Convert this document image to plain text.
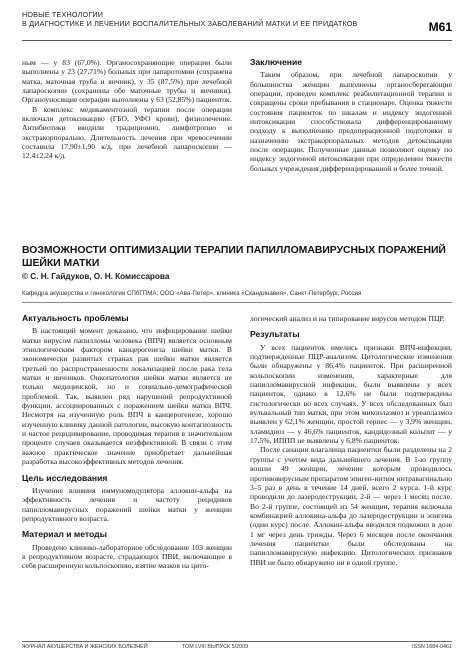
НОВЫЕ ТЕХНОЛОГИИ
В ДИАГНОСТИКЕ И ЛЕЧЕНИИ ВОСПАЛИТЕЛЬНЫХ ЗАБОЛЕВАНИЙ МАТКИ И ЕЕ ПРИДАТКОВ	М61

ным — у 83 (67,0%). Органосохраняющие операции были выполнены у 23 (27,71%) больных при лапаротомии (сохранена матка, маточная труба и яичник), у 35 (87,5%) при лечебной лапароскопии (сохранены обе маточные трубы и яичники). Органоуносящие операции выполнены у 63 (52,85%) пациенток.

В комплекс медикаментозной терапии после операции включали детоксикацию (ГБО, УФО крови), физиолечение. Антибиотики вводили традиционно, лимфотропно и экстракорпорально. Длительность лечения при чревосечении составила 17,90±1,90 к/д, при лечебной лапароскопии — 12,4±2,24 к/д.

Заключение

Таким образом, при лечебной лапароскопии у большинства женщин выполнены органосберегающие операции, проведен комплекс реабилитационной терапии и сокращены сроки пребывания в стационаре. Оценка тяжести состояния пациенток по шкалам и индексу эндогенной интоксикации способствовала дифференцированному подходу к выполнению предоперационной подготовки и назначению экстракорпоральных методов детоксикации после операции. Полученные данные позволяют оценку по индексу эндогенной интоксикации при определении тяжести больных учреждения дифференцированной и более точной.

ВОЗМОЖНОСТИ ОПТИМИЗАЦИИ ТЕРАПИИ ПАПИЛЛОМАВИРУСНЫХ ПОРАЖЕНИЙ ШЕЙКИ МАТКИ
© С. Н. Гайдуков, О. Н. Комиссарова
Кафедра акушерства и гинекологии СПбГПМА; ООО «Ава-Петер», клиника «Скандинавия», Санкт-Петербург, Россия
Актуальность проблемы

В настоящий момент доказано, что инфицирование шейки матки вирусом папилломы человека (ВПЧ) является основным этиологическим фактором канцерогенеза шейки матки. В экономически развитых странах рак шейки матки является третьей по распространенности локализацией после рака тела матки и яичников. Онкопатология шейки матки является не только медицинской, но и социально-демографической проблемой. Так, выявлен ряд нарушений репродуктивной функции, ассоциированных с поражением шейки матки ВПЧ. Несмотря на изученную роль ВПЧ в канцерогенезе, хорошо изученную клинику данной патологии, высокую контагиозность и частое рецидивирование, проводимая терапия в значительном проценте случаев оказывается неэффективной. В связи с этим важное практическое значение приобретает дальнейшая разработка высокоэффективных методов лечения.

Цель исследования

Изучение влияния иммуномодулятора аллокин-альфа на эффективность лечения и частоту рецидивов папилломавирусных поражений шейки матки у женщин репродуктивного возраста.

Материал и методы

Проведено клинико-лабораторное обследование 103 женщин в репродуктивном возрасте, страдающих ПВИ, включающее в себя расширенную кольпоскопию, взятие мазков на цито-

логический анализ и на типирование вирусов методом ПЦР.

Результаты

У всех пациенток имелись признаки ВПЧ-инфекции, подтвержденные ПЦР-анализом. Цитологические изменения были обнаружены у 86,4% пациенток. При расширенной кольпоскопии изменения, характерные для папилломавирусной инфекции, были выявлены у всех пациенток, однако в 12,6% не были подтверждены гистологически во всех случаях. У всех обследованных был вульвальный тип матки, при этом микоплазмоз и уреаплазмоз выявлен у 62,1% женщин, простой герпес — у 3,9% женщин, хламидиоз — у 46,6% пациенток, кандидозный кольпит — у 17,5%, ИППП не выявлены у 6,8% пациенток.

После санации влагалища пациентки были разделены на 2 группы с учетом вида дальнейшего лечения. В 1-ю группу вошли 49 женщин, лечение которым проводилось противовирусным препаратом эпиген-интим интравагинально 3–5 раз в день в течение 14 дней, всего 2 курса. 1-й курс проводили до лазеродеструкции, 2-й — через 1 месяц после. Во 2-й группе, состоящей из 54 женщин, терапия включала комбинацией аллокина-альфа до лазеродеструкции и эпигена (один курс) после. Аллокин-альфа вводился подкожно в дозе 1 мг через день трижды. Через 6 месяцев после окончания лечения пациентки были обследованы на папилломавирусную инфекцию. Цитологических признаков ПВИ не было обнаружено ни в одной группе.

ЖУРНАЛ АКУШЕРСТВА И ЖЕНСКИХ БОЛЕЗНЕЙ	ТОМ LVIII ВЫПУСК 5/2009	ISSN 1684-0461
